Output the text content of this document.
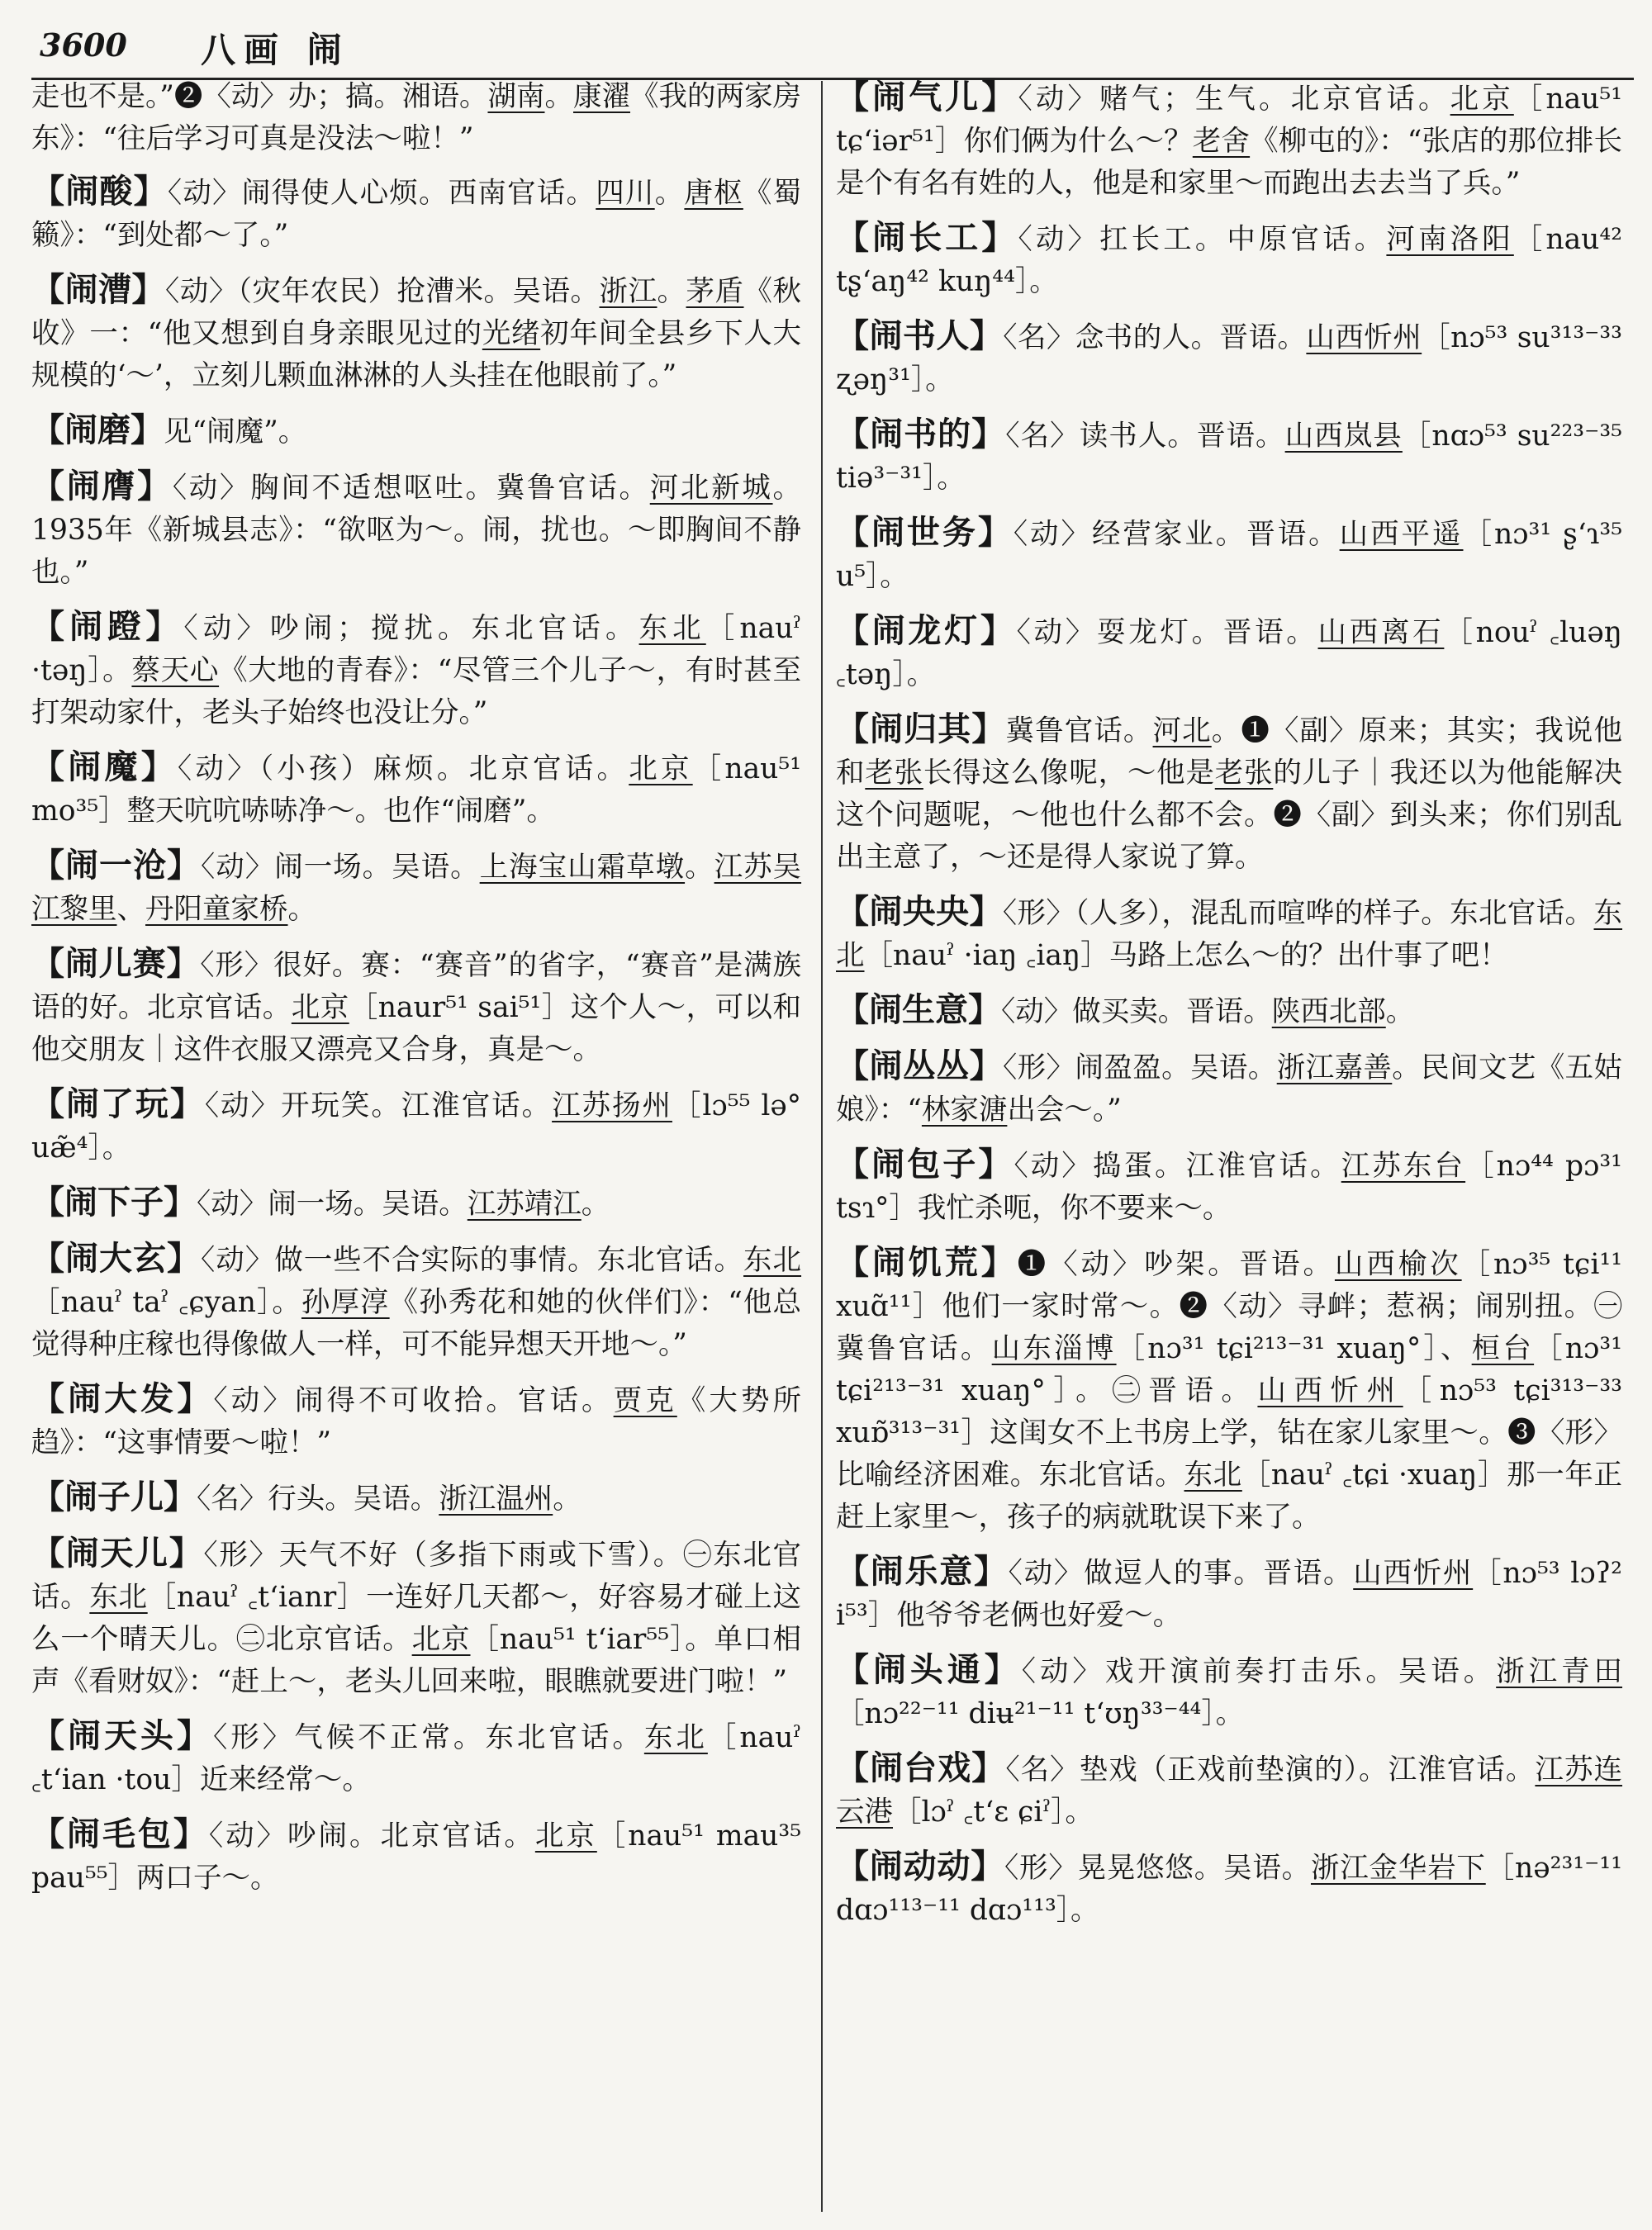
3600 八画 闹

走也不是。”❷〈动〉办；搞。湘语。湖南。康濯《我的两家房东》：“往后学习可真是没法～啦！”

【闹酸】〈动〉闹得使人心烦。西南官话。四川。唐枢《蜀籁》：“到处都～了。”

【闹漕】〈动〉（灾年农民）抢漕米。吴语。浙江。茅盾《秋收》一：“他又想到自身亲眼见过的光绪初年间全县乡下人大规模的‘～’，立刻儿颗血淋淋的人头挂在他眼前了。”

【闹磨】见“闹魔”。

【闹膺】〈动〉胸间不适想呕吐。冀鲁官话。河北新城。1935年《新城县志》：“欲呕为～。闹，扰也。～即胸间不静也。”

【闹蹬】〈动〉吵闹；搅扰。东北官话。东北［nauˀ ·təŋ］。蔡天心《大地的青春》：“尽管三个儿子～，有时甚至打架动家什，老头子始终也没让分。”

【闹魔】〈动〉（小孩）麻烦。北京官话。北京［nau⁵¹ mo³⁵］整天吭吭哧哧净～。也作“闹磨”。

【闹一沧】〈动〉闹一场。吴语。上海宝山霜草墩。江苏吴江黎里、丹阳童家桥。

【闹儿赛】〈形〉很好。赛：“赛音”的省字，“赛音”是满族语的好。北京官话。北京［naur⁵¹ sai⁵¹］这个人～，可以和他交朋友｜这件衣服又漂亮又合身，真是～。

【闹了玩】〈动〉开玩笑。江淮官话。江苏扬州［lɔ⁵⁵ lə° uæ̃⁴］。

【闹下子】〈动〉闹一场。吴语。江苏靖江。

【闹大玄】〈动〉做一些不合实际的事情。东北官话。东北［nauˀ taˀ ꜀ɕyan］。孙厚淳《孙秀花和她的伙伴们》：“他总觉得种庄稼也得像做人一样，可不能异想天开地～。”

【闹大发】〈动〉闹得不可收拾。官话。贾克《大势所趋》：“这事情要～啦！”

【闹子儿】〈名〉行头。吴语。浙江温州。

【闹天儿】〈形〉天气不好（多指下雨或下雪）。㊀东北官话。东北［nauˀ ꜀t‘ianr］一连好几天都～，好容易才碰上这么一个晴天儿。㊁北京官话。北京［nau⁵¹ t‘iar⁵⁵］。单口相声《看财奴》：“赶上～，老头儿回来啦，眼瞧就要进门啦！”

【闹天头】〈形〉气候不正常。东北官话。东北［nauˀ ꜀t‘ian ·tou］近来经常～。

【闹毛包】〈动〉吵闹。北京官话。北京［nau⁵¹ mau³⁵ pau⁵⁵］两口子～。

【闹气儿】〈动〉赌气；生气。北京官话。北京［nau⁵¹ tɕ‘iər⁵¹］你们俩为什么～？老舍《柳屯的》：“张店的那位排长是个有名有姓的人，他是和家里～而跑出去去当了兵。”

【闹长工】〈动〉扛长工。中原官话。河南洛阳［nau⁴² tʂ‘aŋ⁴² kuŋ⁴⁴］。

【闹书人】〈名〉念书的人。晋语。山西忻州［nɔ⁵³ su³¹³⁻³³ ʐəŋ³¹］。

【闹书的】〈名〉读书人。晋语。山西岚县［nɑɔ⁵³ su²²³⁻³⁵ tiə³⁻³¹］。

【闹世务】〈动〉经营家业。晋语。山西平遥［nɔ³¹ ʂ‘ɿ³⁵ u⁵］。

【闹龙灯】〈动〉耍龙灯。晋语。山西离石［nouˀ ꜀luəŋ ꜀təŋ］。

【闹归其】冀鲁官话。河北。❶〈副〉原来；其实；我说他和老张长得这么像呢，～他是老张的儿子｜我还以为他能解决这个问题呢，～他也什么都不会。❷〈副〉到头来；你们别乱出主意了，～还是得人家说了算。

【闹央央】〈形〉（人多），混乱而喧哗的样子。东北官话。东北［nauˀ ·iaŋ ꜀iaŋ］马路上怎么～的？出什事了吧！

【闹生意】〈动〉做买卖。晋语。陕西北部。

【闹丛丛】〈形〉闹盈盈。吴语。浙江嘉善。民间文艺《五姑娘》：“林家溏出会～。”

【闹包子】〈动〉捣蛋。江淮官话。江苏东台［nɔ⁴⁴ pɔ³¹ tsɿ°］我忙杀呃，你不要来～。

【闹饥荒】❶〈动〉吵架。晋语。山西榆次［nɔ³⁵ tɕi¹¹ xuɑ̃¹¹］他们一家时常～。❷〈动〉寻衅；惹祸；闹别扭。㊀冀鲁官话。山东淄博［nɔ³¹ tɕi²¹³⁻³¹ xuaŋ°］、桓台［nɔ³¹ tɕi²¹³⁻³¹ xuaŋ°］。㊁晋语。山西忻州［nɔ⁵³ tɕi³¹³⁻³³ xuɒ̃³¹³⁻³¹］这闺女不上书房上学，钻在家儿家里～。❸〈形〉比喻经济困难。东北官话。东北［nauˀ ꜀tɕi ·xuaŋ］那一年正赶上家里～，孩子的病就耽误下来了。

【闹乐意】〈动〉做逗人的事。晋语。山西忻州［nɔ⁵³ lɔʔ² i⁵³］他爷爷老俩也好爱～。

【闹头通】〈动〉戏开演前奏打击乐。吴语。浙江青田［nɔ²²⁻¹¹ diʉ²¹⁻¹¹ t‘ʊŋ³³⁻⁴⁴］。

【闹台戏】〈名〉垫戏（正戏前垫演的）。江淮官话。江苏连云港［lɔˀ ꜀t‘ɛ ɕiˀ］。

【闹动动】〈形〉晃晃悠悠。吴语。浙江金华岩下［nə²³¹⁻¹¹ dɑɔ¹¹³⁻¹¹ dɑɔ¹¹³］。
